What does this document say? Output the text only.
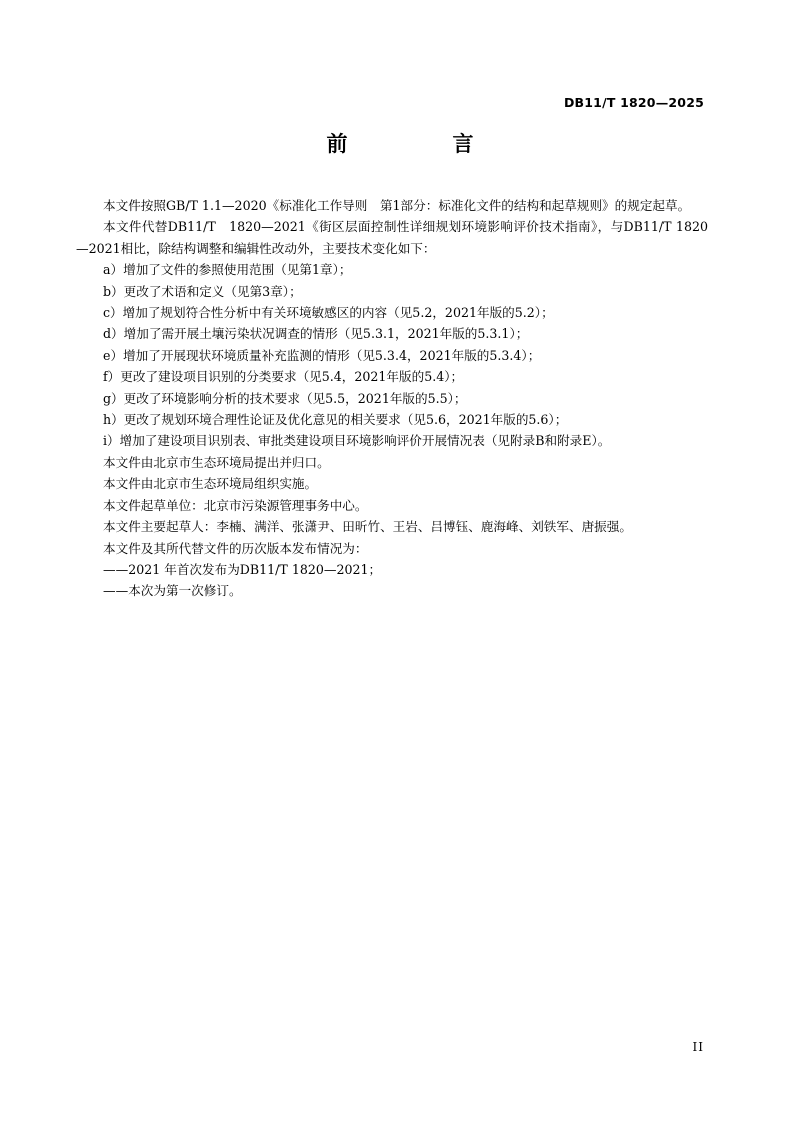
DB11/T 1820—2025
前　言

本文件按照GB/T 1.1—2020《标准化工作导则　第1部分：标准化文件的结构和起草规则》的规定起草。

本文件代替DB11/T　1820—2021《街区层面控制性详细规划环境影响评价技术指南》，与DB11/T 1820—2021相比，除结构调整和编辑性改动外，主要技术变化如下：

a）增加了文件的参照使用范围（见第1章）；
b）更改了术语和定义（见第3章）；
c）增加了规划符合性分析中有关环境敏感区的内容（见5.2，2021年版的5.2）；
d）增加了需开展土壤污染状况调查的情形（见5.3.1，2021年版的5.3.1）；
e）增加了开展现状环境质量补充监测的情形（见5.3.4，2021年版的5.3.4）；
f）更改了建设项目识别的分类要求（见5.4，2021年版的5.4）；
g）更改了环境影响分析的技术要求（见5.5，2021年版的5.5）；
h）更改了规划环境合理性论证及优化意见的相关要求（见5.6，2021年版的5.6）；
i）增加了建设项目识别表、审批类建设项目环境影响评价开展情况表（见附录B和附录E）。

本文件由北京市生态环境局提出并归口。

本文件由北京市生态环境局组织实施。

本文件起草单位：北京市污染源管理事务中心。

本文件主要起草人：李楠、满洋、张潇尹、田昕竹、王岩、吕博钰、鹿海峰、刘铁军、唐振强。

本文件及其所代替文件的历次版本发布情况为：

——2021 年首次发布为DB11/T 1820—2021；

——本次为第一次修订。

II
